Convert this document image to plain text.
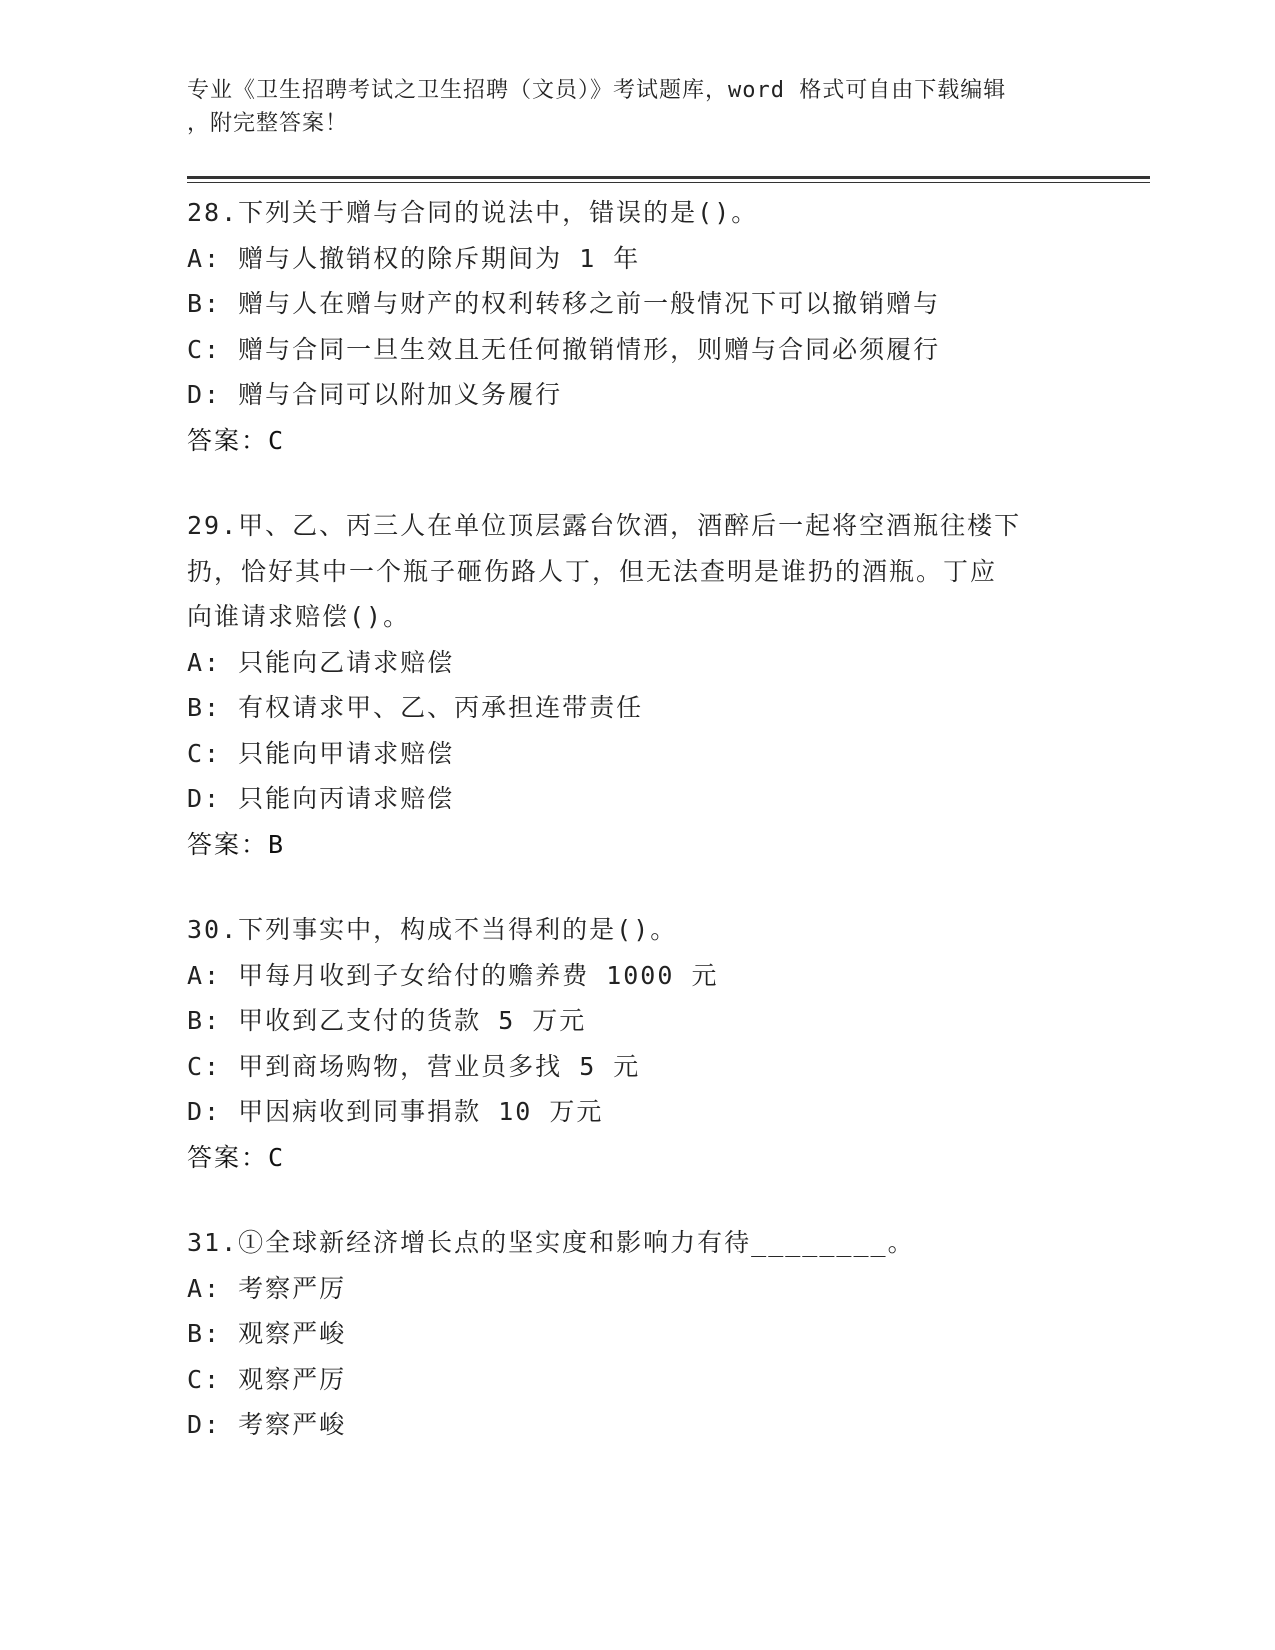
专业《卫生招聘考试之卫生招聘（文员）》考试题库，word 格式可自由下载编辑
，附完整答案！
28.下列关于赠与合同的说法中，错误的是()。
A: 赠与人撤销权的除斥期间为 1 年
B: 赠与人在赠与财产的权利转移之前一般情况下可以撤销赠与
C: 赠与合同一旦生效且无任何撤销情形，则赠与合同必须履行
D: 赠与合同可以附加义务履行
答案：C
29.甲、乙、丙三人在单位顶层露台饮酒，酒醉后一起将空酒瓶往楼下
扔，恰好其中一个瓶子砸伤路人丁，但无法查明是谁扔的酒瓶。丁应
向谁请求赔偿()。
A: 只能向乙请求赔偿
B: 有权请求甲、乙、丙承担连带责任
C: 只能向甲请求赔偿
D: 只能向丙请求赔偿
答案：B
30.下列事实中，构成不当得利的是()。
A: 甲每月收到子女给付的赡养费 1000 元
B: 甲收到乙支付的货款 5 万元
C: 甲到商场购物，营业员多找 5 元
D: 甲因病收到同事捐款 10 万元
答案：C
31.①全球新经济增长点的坚实度和影响力有待________。
A: 考察严厉
B: 观察严峻
C: 观察严厉
D: 考察严峻
